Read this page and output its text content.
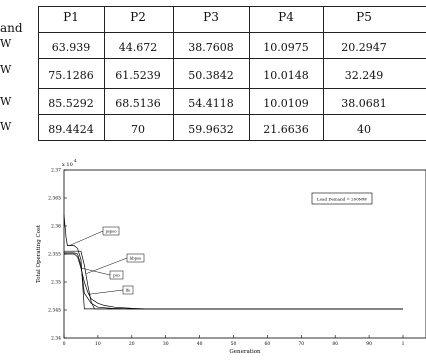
and
P1	P2	P3	P4	P5
W
W
W
W
63.939	44.672	38.7608	10.0975	20.2947
75.1286	61.5239	50.3842	10.0148	32.249
85.5292	68.5136	54.4118	10.0109	38.0681
89.4424	70	59.9632	21.6636	40
2.37
2.365
2.36
2.355
2.35
2.345
2.34
0	10	20	30	40	50	60	70	80	90	1
pspso
bbpso
pso
lfe
x 10
4
Total Operating Cost
Generation
Load Demand = 200MW
